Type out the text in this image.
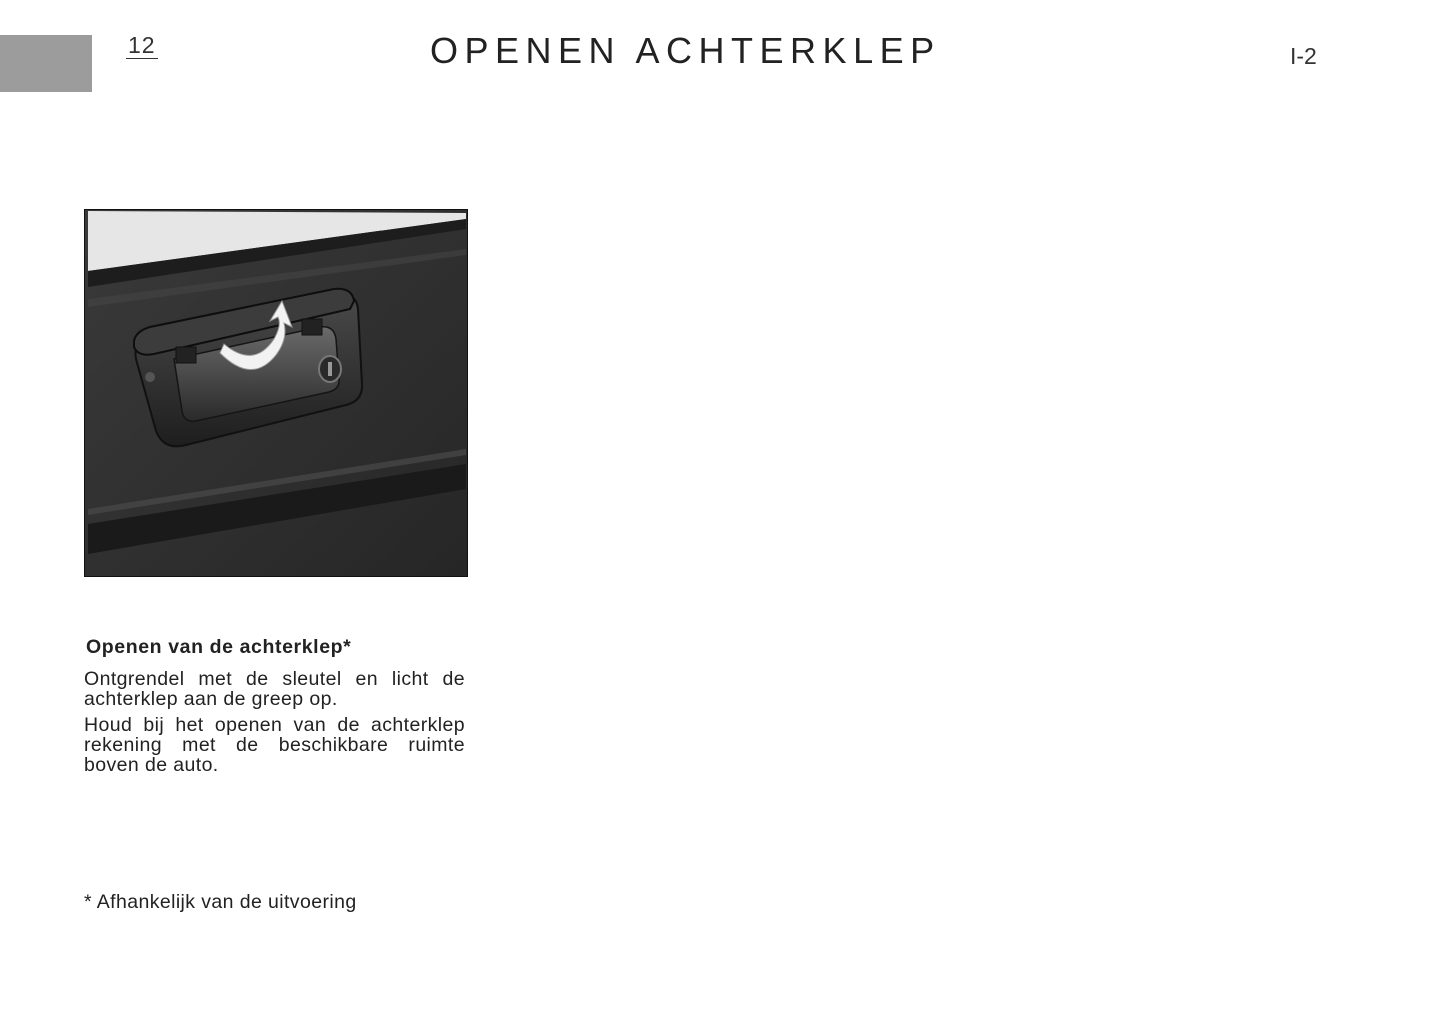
12	OPENEN ACHTERKLEP	I-2
Openen van de achterklep*

Ontgrendel met de sleutel en licht de achterklep aan de greep op.

Houd bij het openen van de achterklep rekening met de beschikbare ruimte boven de auto.

* Afhankelijk van de uitvoering
